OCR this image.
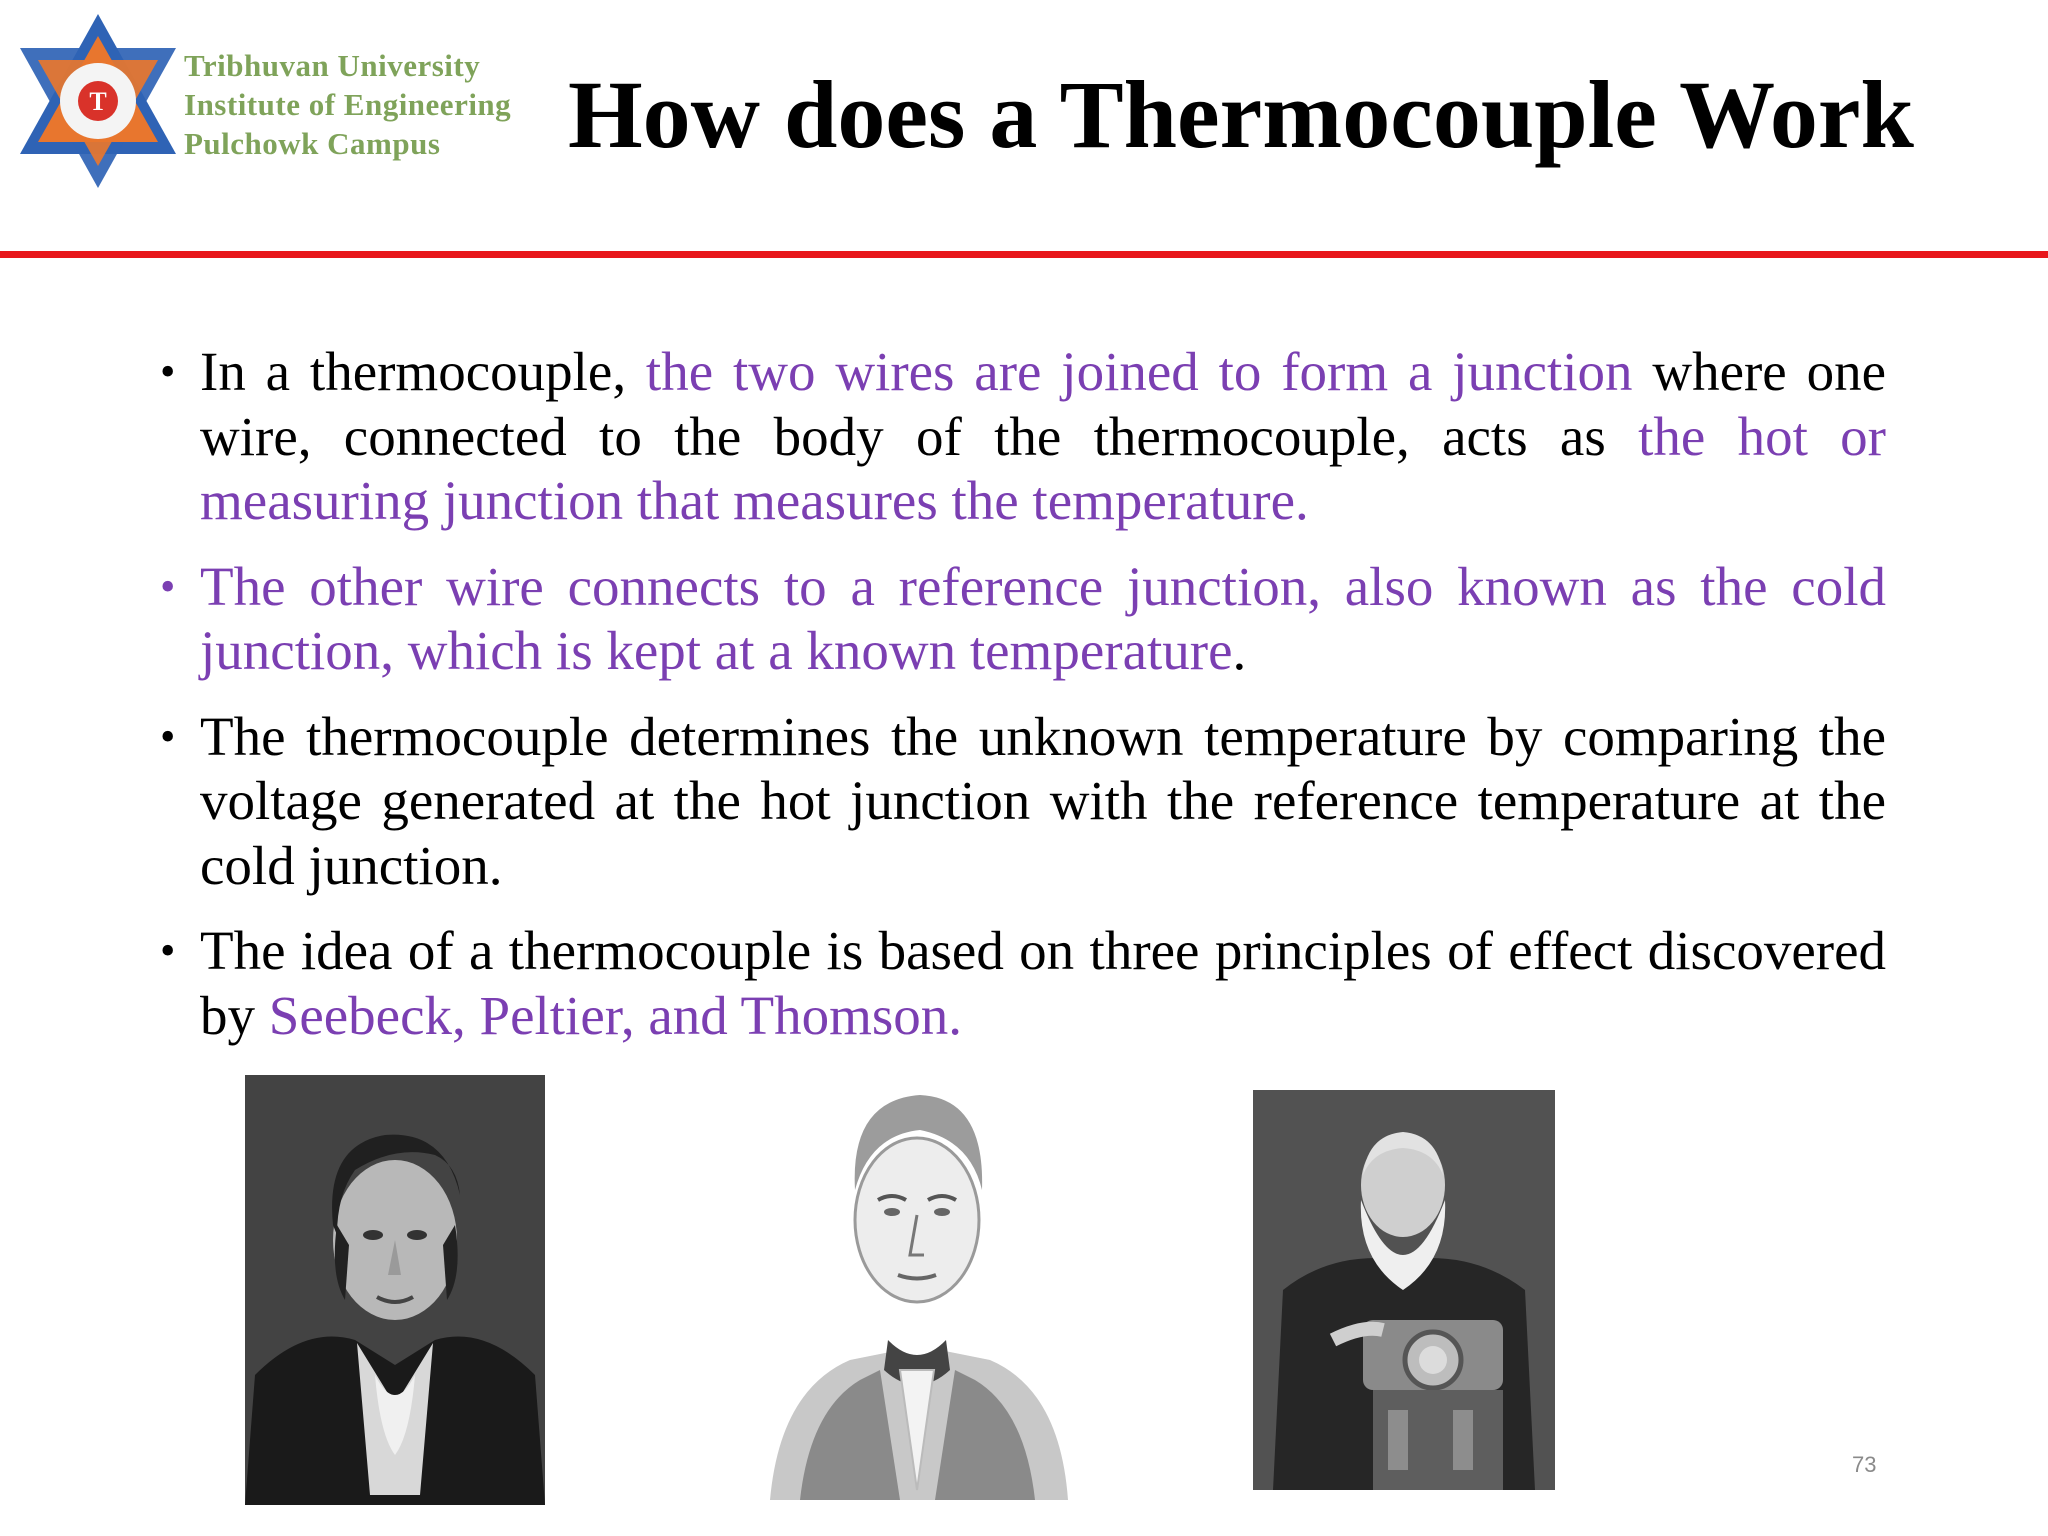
T
Tribhuvan University
Institute of Engineering
Pulchowk Campus	How does a Thermocouple Work
• In a thermocouple, the two wires are joined to form a junction where one wire, connected to the body of the thermocouple, acts as the hot or measuring junction that measures the temperature.
• The other wire connects to a reference junction, also known as the cold junction, which is kept at a known temperature.
• The thermocouple determines the unknown temperature by comparing the voltage generated at the hot junction with the reference temperature at the cold junction.
• The idea of a thermocouple is based on three principles of effect discovered by Seebeck, Peltier, and Thomson.
73
